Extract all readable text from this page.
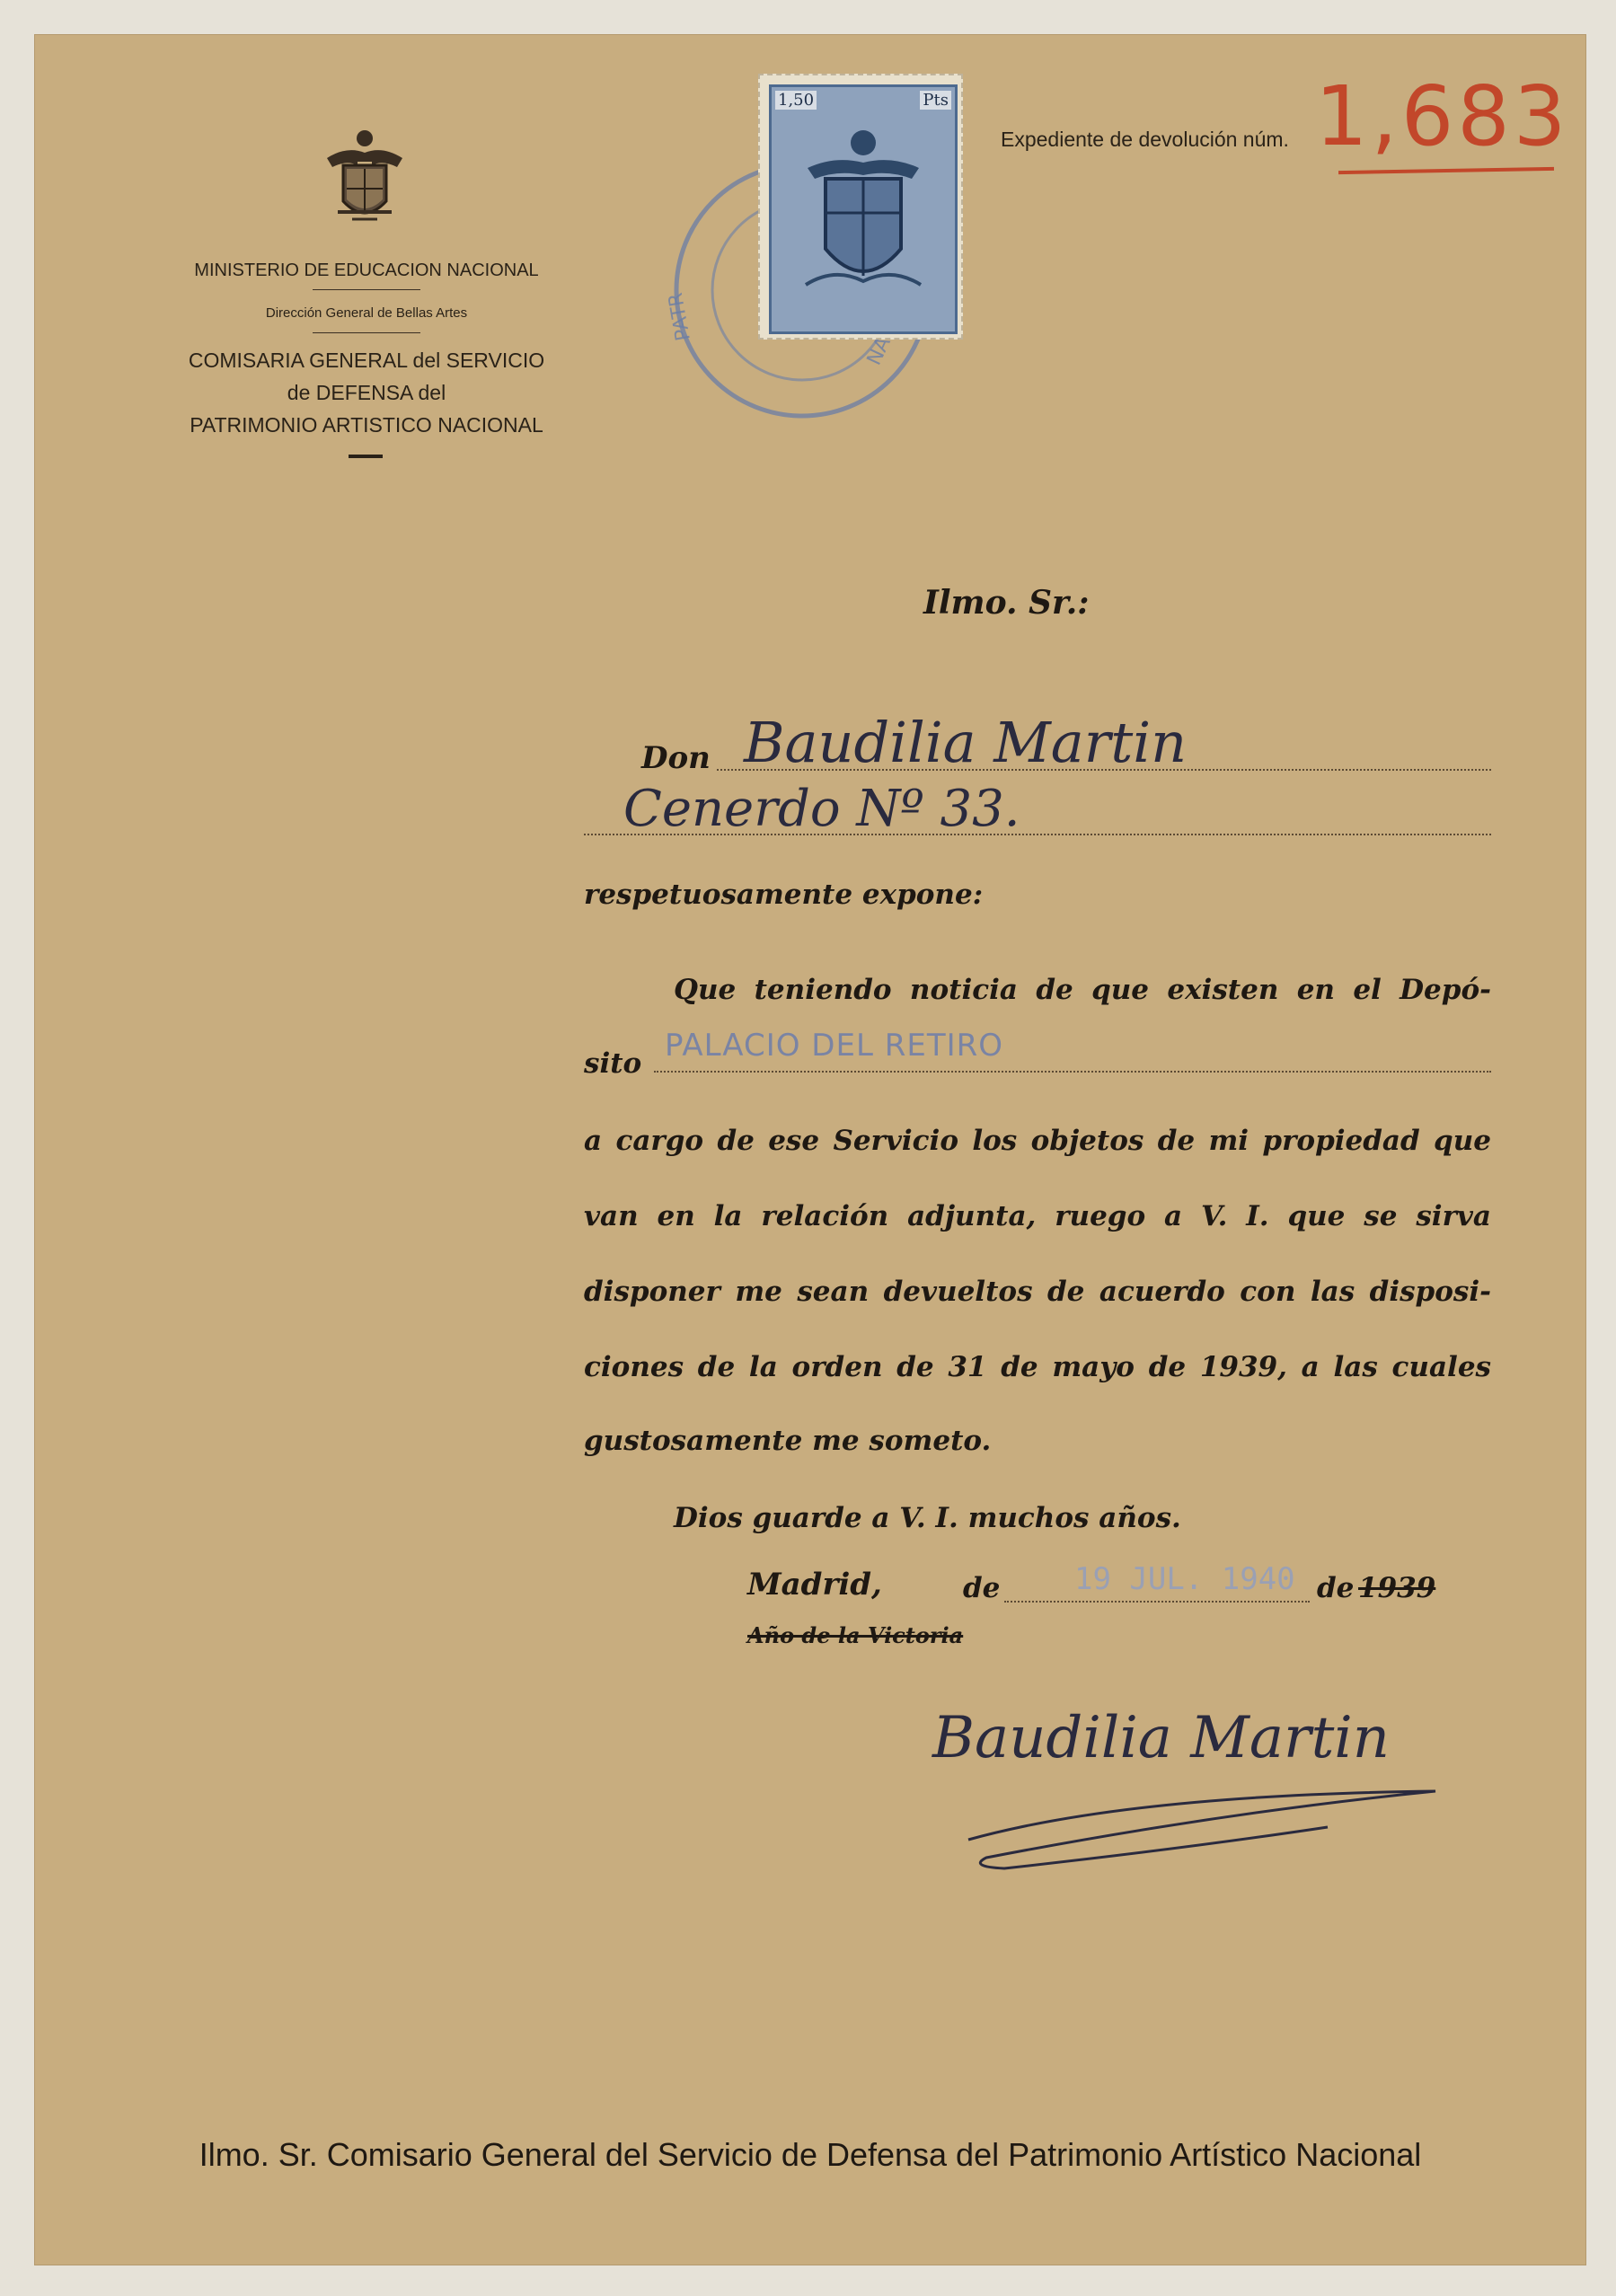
MINISTERIO DE EDUCACION NACIONAL
Dirección General de Bellas Artes
COMISARIA GENERAL del SERVICIO
de DEFENSA del
PATRIMONIO ARTISTICO NACIONAL
PATR
1,50	Pts
Expediente de devolución núm. 1,683
Ilmo. Sr.:
Don Baudilia Martin
Cenerdo Nº 33.
respetuosamente expone:
Que teniendo noticia de que existen en el Depó-
sito PALACIO DEL RETIRO
a cargo de ese Servicio los objetos de mi propiedad que
van en la relación adjunta, ruego a V. I. que se sirva
disponer me sean devueltos de acuerdo con las disposi-
ciones de la orden de 31 de mayo de 1939, a las cuales
gustosamente me someto.
Dios guarde a V. I. muchos años.
Madrid,	de 19 JUL. 1940 de 1939
Año de la Victoria
Baudilia Martin
Ilmo. Sr. Comisario General del Servicio de Defensa del Patrimonio Artístico Nacional
